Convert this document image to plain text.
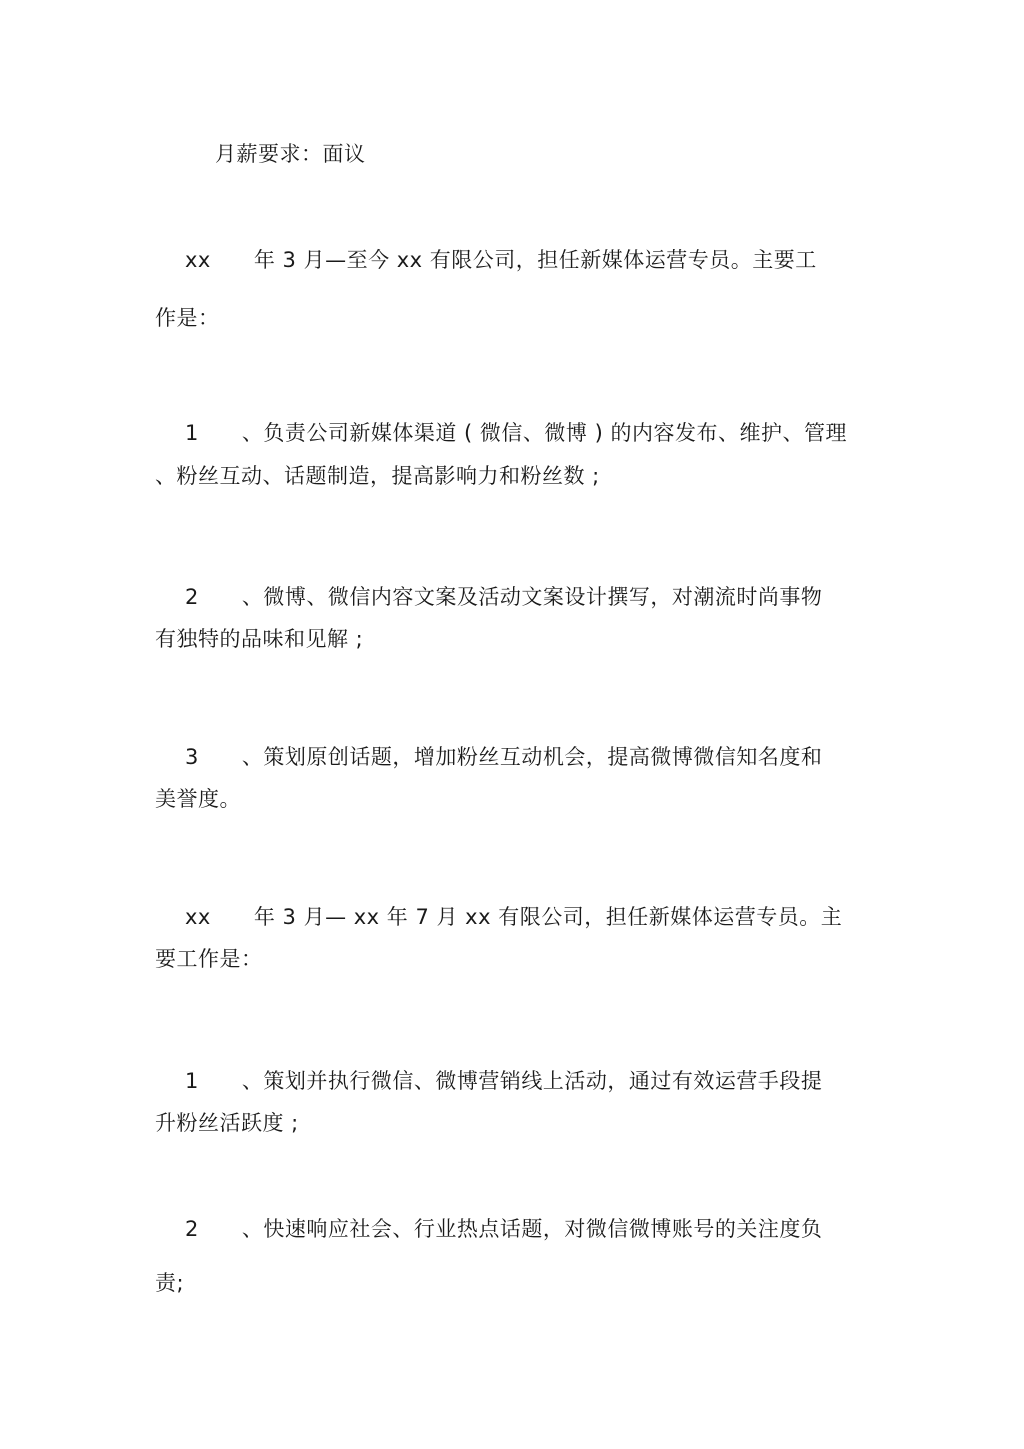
月薪要求：面议
xx　　年 3 月—至今 xx 有限公司，担任新媒体运营专员。主要工
作是：
1　　、负责公司新媒体渠道 ( 微信、微博 ) 的内容发布、维护、管理
、粉丝互动、话题制造，提高影响力和粉丝数 ;
2　　、微博、微信内容文案及活动文案设计撰写，对潮流时尚事物
有独特的品味和见解 ;
3　　、策划原创话题，增加粉丝互动机会，提高微博微信知名度和
美誉度。
xx　　年 3 月— xx 年 7 月 xx 有限公司，担任新媒体运营专员。主
要工作是：
1　　、策划并执行微信、微博营销线上活动，通过有效运营手段提
升粉丝活跃度 ;
2　　、快速响应社会、行业热点话题，对微信微博账号的关注度负
责;
